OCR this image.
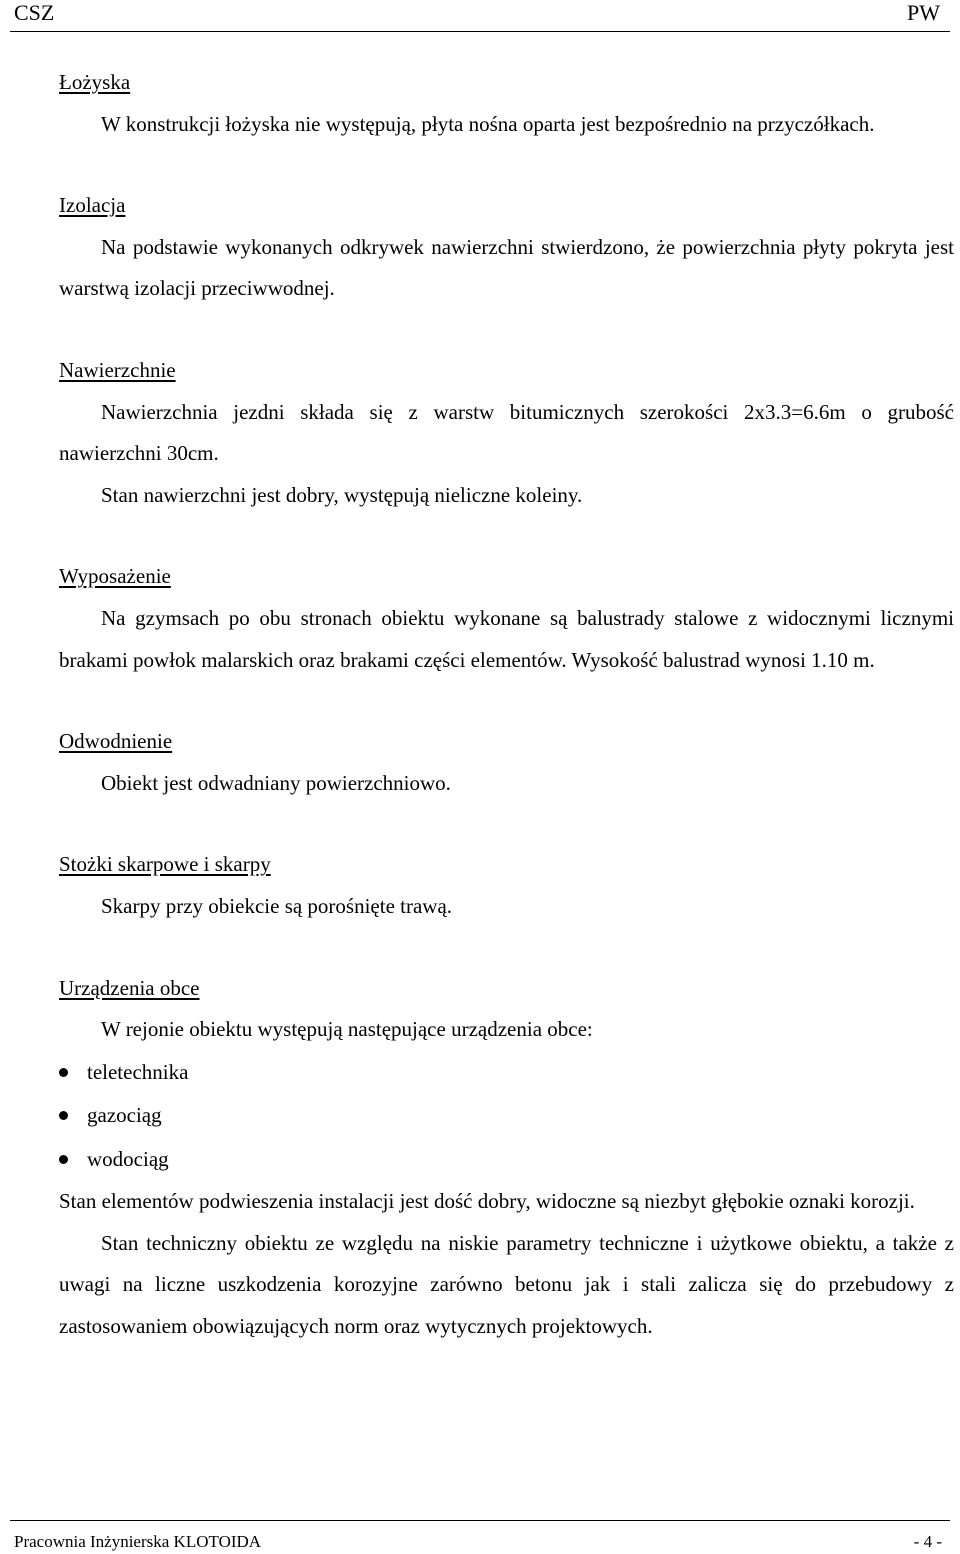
CSZ	PW

Łożyska

W konstrukcji łożyska nie występują, płyta nośna oparta jest bezpośrednio na przyczółkach.

Izolacja

Na podstawie wykonanych odkrywek nawierzchni stwierdzono, że powierzchnia płyty pokryta jest warstwą izolacji przeciwwodnej.

Nawierzchnie

Nawierzchnia jezdni składa się z warstw bitumicznych szerokości 2x3.3=6.6m o grubość nawierzchni 30cm.

Stan nawierzchni jest dobry, występują nieliczne koleiny.

Wyposażenie

Na gzymsach po obu stronach obiektu wykonane są balustrady stalowe z widocznymi licznymi brakami powłok malarskich oraz brakami części elementów. Wysokość balustrad wynosi 1.10 m.

Odwodnienie

Obiekt jest odwadniany powierzchniowo.

Stożki skarpowe i skarpy

Skarpy przy obiekcie są porośnięte trawą.

Urządzenia obce

W rejonie obiektu występują następujące urządzenia obce:

teletechnika
gazociąg
wodociąg

Stan elementów podwieszenia instalacji jest dość dobry, widoczne są niezbyt głębokie oznaki korozji.

Stan techniczny obiektu ze względu na niskie parametry techniczne i użytkowe obiektu, a także z uwagi na liczne uszkodzenia korozyjne zarówno betonu jak i stali zalicza się do przebudowy z zastosowaniem obowiązujących norm oraz wytycznych projektowych.

Pracownia Inżynierska KLOTOIDA	- 4 -
